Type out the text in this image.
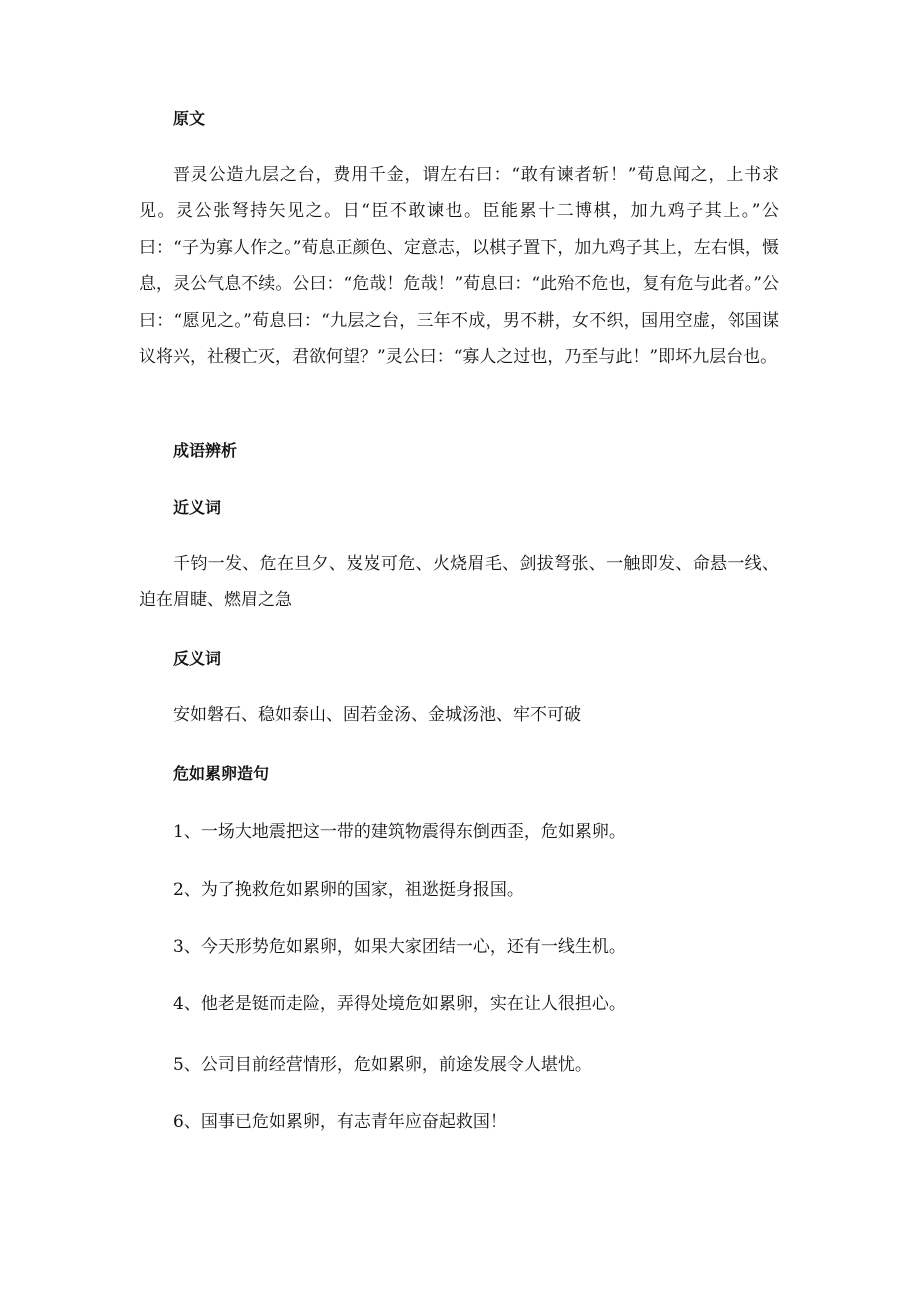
原文

晋灵公造九层之台，费用千金，谓左右曰：“敢有谏者斩！”荀息闻之，上书求见。灵公张弩持矢见之。日“臣不敢谏也。臣能累十二博棋，加九鸡子其上。”公曰：“子为寡人作之。”荀息正颜色、定意志，以棋子置下，加九鸡子其上，左右惧，慑息，灵公气息不续。公曰：“危哉！危哉！”荀息曰：“此殆不危也，复有危与此者。”公曰：“愿见之。”荀息曰：“九层之台，三年不成，男不耕，女不织，国用空虚，邻国谋议将兴，社稷亡灭，君欲何望？”灵公曰：“寡人之过也，乃至与此！”即坏九层台也。

成语辨析
近义词

千钧一发、危在旦夕、岌岌可危、火烧眉毛、剑拔弩张、一触即发、命悬一线、迫在眉睫、燃眉之急

反义词

安如磐石、稳如泰山、固若金汤、金城汤池、牢不可破

危如累卵造句

1、一场大地震把这一带的建筑物震得东倒西歪，危如累卵。

2、为了挽救危如累卵的国家，祖逖挺身报国。

3、今天形势危如累卵，如果大家团结一心，还有一线生机。

4、他老是铤而走险，弄得处境危如累卵，实在让人很担心。

5、公司目前经营情形，危如累卵，前途发展令人堪忧。

6、国事已危如累卵，有志青年应奋起救国！
